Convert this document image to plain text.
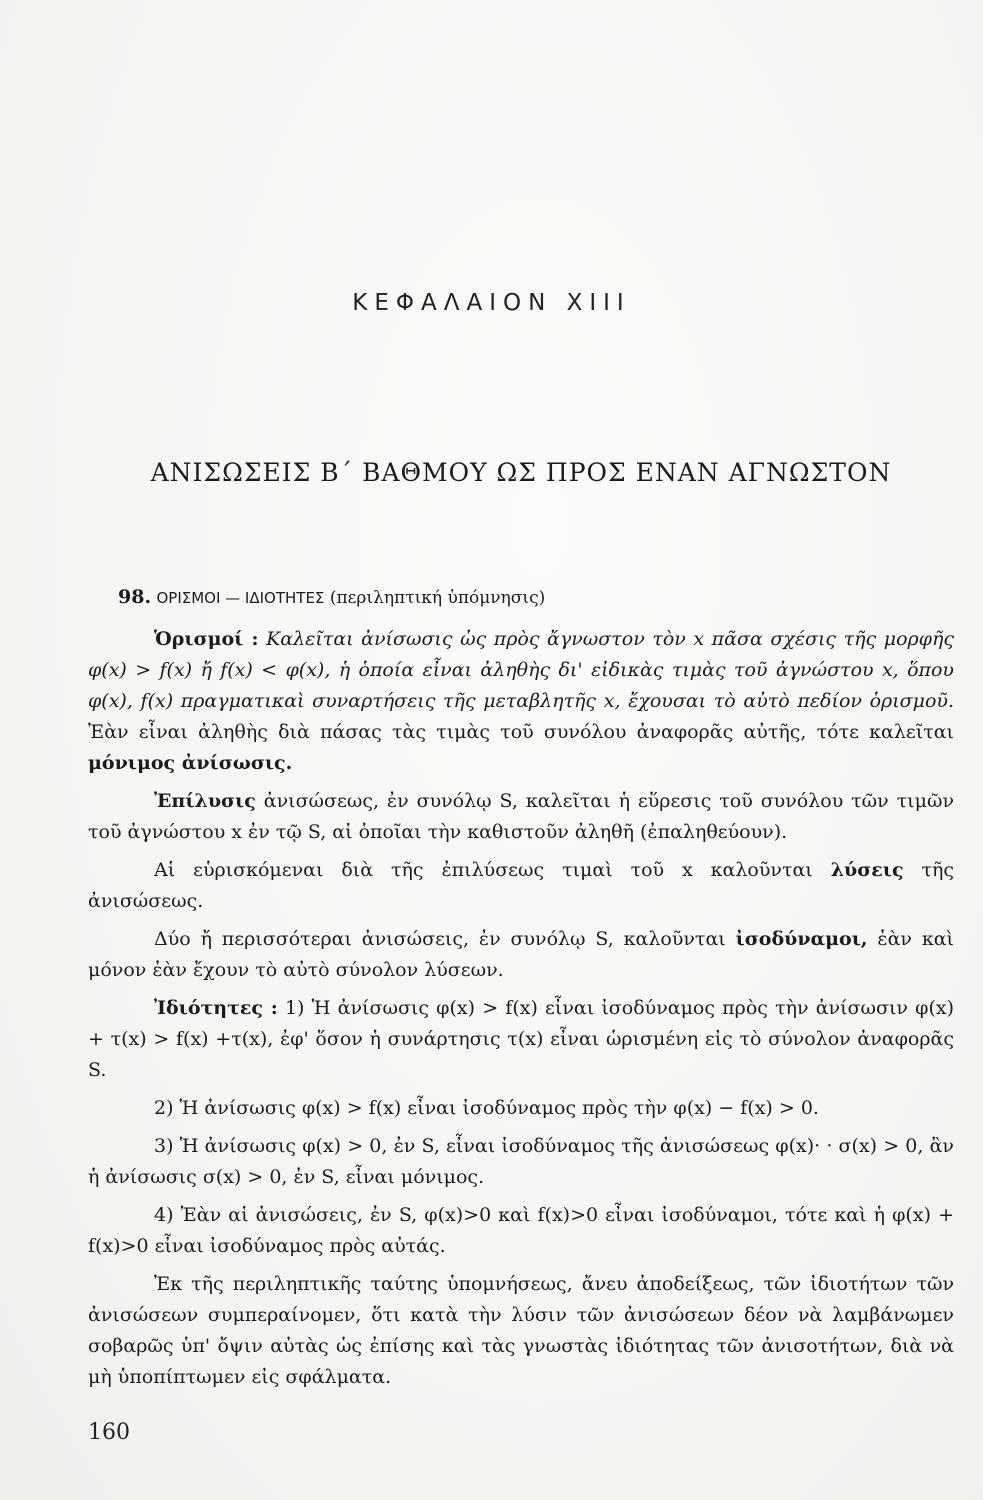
ΚΕΦΑΛΑΙΟΝ XIII
ΑΝΙΣΩΣΕΙΣ Β΄ ΒΑΘΜΟΥ ΩΣ ΠΡΟΣ ΕΝΑΝ ΑΓΝΩΣΤΟΝ
98. ΟΡΙΣΜΟΙ — ΙΔΙΟΤΗΤΕΣ (περιληπτική ὑπόμνησις)

Ὁρισμοί : Καλεῖται ἀνίσωσις ὡς πρὸς ἄγνωστον τὸν x πᾶσα σχέσις τῆς μορφῆς φ(x) > f(x) ἤ f(x) < φ(x), ἡ ὁποία εἶναι ἀληθὴς δι' εἰδικὰς τιμὰς τοῦ ἀγνώστου x, ὅπου φ(x), f(x) πραγματικαὶ συναρτήσεις τῆς μεταβλητῆς x, ἔχουσαι τὸ αὐτὸ πεδίον ὁρισμοῦ. Ἐὰν εἶναι ἀληθὴς διὰ πάσας τὰς τιμὰς τοῦ συνόλου ἀναφορᾶς αὐτῆς, τότε καλεῖται μόνιμος ἀνίσωσις.

Ἐπίλυσις ἀνισώσεως, ἐν συνόλῳ S, καλεῖται ἡ εὕρεσις τοῦ συνόλου τῶν τιμῶν τοῦ ἀγνώστου x ἐν τῷ S, αἱ ὁποῖαι τὴν καθιστοῦν ἀληθῆ (ἐπαληθεύουν).

Αἱ εὑρισκόμεναι διὰ τῆς ἐπιλύσεως τιμαὶ τοῦ x καλοῦνται λύσεις τῆς ἀνισώσεως.

Δύο ἤ περισσότεραι ἀνισώσεις, ἐν συνόλῳ S, καλοῦνται ἰσοδύναμοι, ἐὰν καὶ μόνον ἐὰν ἔχουν τὸ αὐτὸ σύνολον λύσεων.

Ἰδιότητες : 1) Ἡ ἀνίσωσις φ(x) > f(x) εἶναι ἰσοδύναμος πρὸς τὴν ἀνίσωσιν φ(x) + τ(x) > f(x) +τ(x), ἐφ' ὅσον ἡ συνάρτησις τ(x) εἶναι ὡρισμένη εἰς τὸ σύνολον ἀναφορᾶς S.

2) Ἡ ἀνίσωσις φ(x) > f(x) εἶναι ἰσοδύναμος πρὸς τὴν φ(x) − f(x) > 0.

3) Ἡ ἀνίσωσις φ(x) > 0, ἐν S, εἶναι ἰσοδύναμος τῆς ἀνισώσεως φ(x)· · σ(x) > 0, ἂν ἡ ἀνίσωσις σ(x) > 0, ἐν S, εἶναι μόνιμος.

4) Ἐὰν αἱ ἀνισώσεις, ἐν S, φ(x)>0 καὶ f(x)>0 εἶναι ἰσοδύναμοι, τότε καὶ ἡ φ(x) + f(x)>0 εἶναι ἰσοδύναμος πρὸς αὐτάς.

Ἐκ τῆς περιληπτικῆς ταύτης ὑπομνήσεως, ἄνευ ἀποδείξεως, τῶν ἰδιοτήτων τῶν ἀνισώσεων συμπεραίνομεν, ὅτι κατὰ τὴν λύσιν τῶν ἀνισώσεων δέον νὰ λαμβάνωμεν σοβαρῶς ὑπ' ὄψιν αὐτὰς ὡς ἐπίσης καὶ τὰς γνωστὰς ἰδιότητας τῶν ἀνισοτήτων, διὰ νὰ μὴ ὑποπίπτωμεν εἰς σφάλματα.

160
